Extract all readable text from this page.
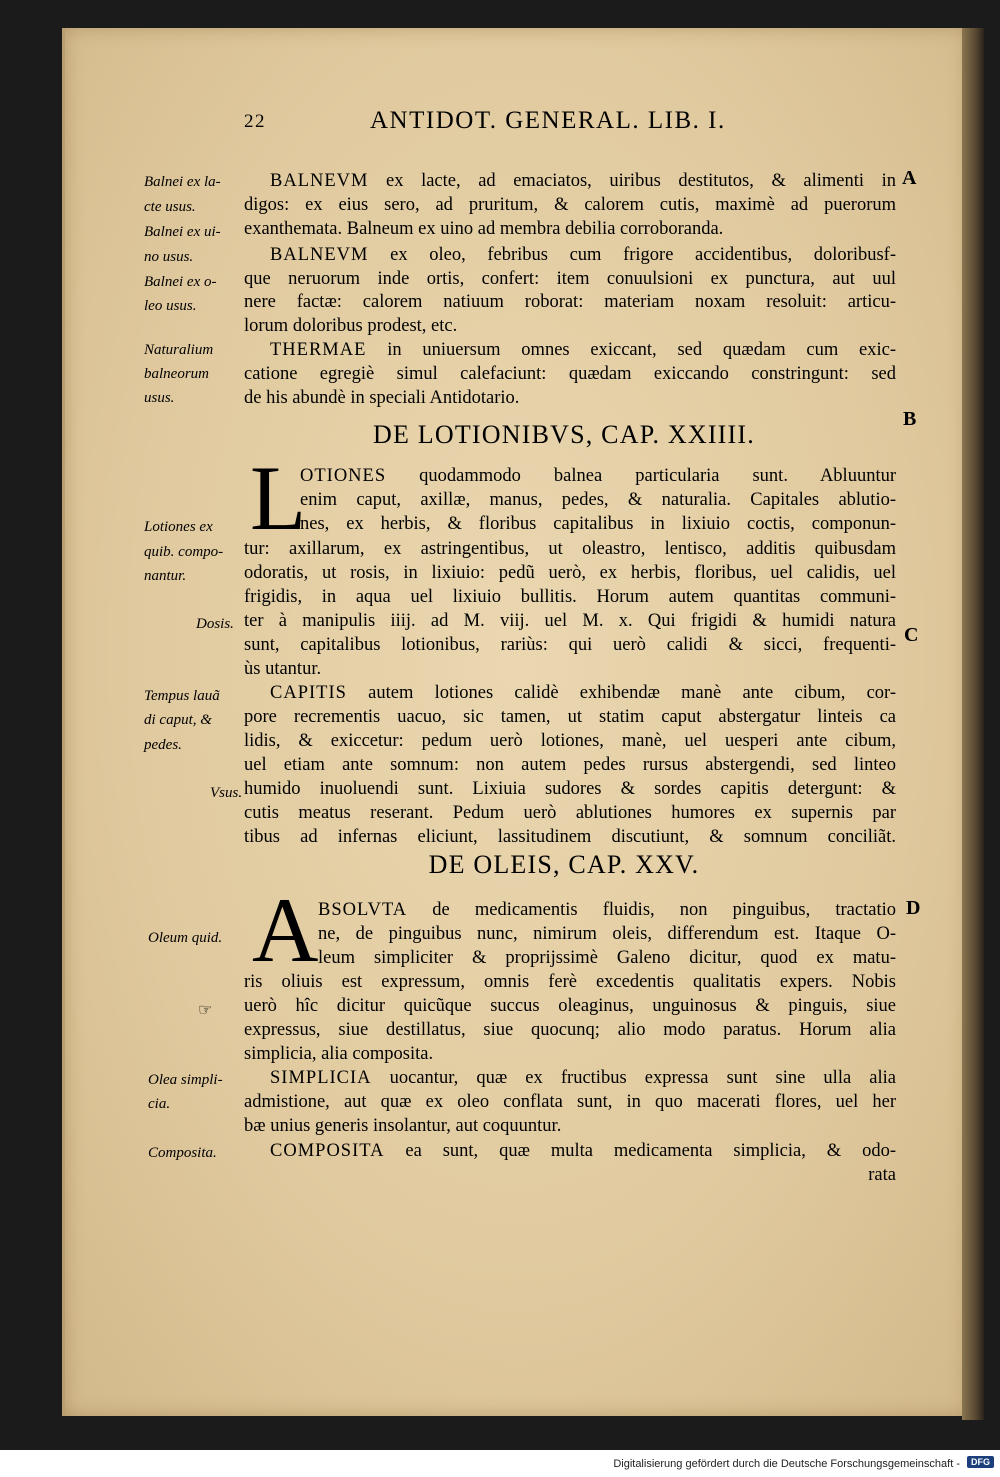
22	ANTIDOT. GENERAL. LIB. I.
A
B
C
D
Balnei ex la-
cte usus.
Balnei ex ui-
no usus.
Balnei ex o-
leo usus.
Naturalium
balneorum
usus.
Lotiones ex
quib. compo-
nantur.
Dosis.
Tempus lauã
di caput, &
pedes.
Vsus.
Oleum quid.
☞
Olea simpli-
cia.
Composita.
BALNEVM ex lacte, ad emaciatos, uiribus destitutos, & alimenti in
digos: ex eius sero, ad pruritum, & calorem cutis, maximè ad puerorum
exanthemata. Balneum ex uino ad membra debilia corroboranda.
BALNEVM ex oleo, febribus cum frigore accidentibus, doloribusf-
que neruorum inde ortis, confert: item conuulsioni ex punctura, aut uul
nere factæ: calorem natiuum roborat: materiam noxam resoluit: articu-
lorum doloribus prodest, etc.
THERMAE in uniuersum omnes exiccant, sed quædam cum exic-
catione egregiè simul calefaciunt: quædam exiccando constringunt: sed
de his abundè in speciali Antidotario.
DE LOTIONIBVS, CAP. XXIIII.
L
OTIONES quodammodo balnea particularia sunt. Abluuntur
enim caput, axillæ, manus, pedes, & naturalia. Capitales ablutio-
nes, ex herbis, & floribus capitalibus in lixiuio coctis, componun-
tur: axillarum, ex astringentibus, ut oleastro, lentisco, additis quibusdam
odoratis, ut rosis, in lixiuio: pedũ uerò, ex herbis, floribus, uel calidis, uel
frigidis, in aqua uel lixiuio bullitis. Horum autem quantitas communi-
ter à manipulis iiij. ad M. viij. uel M. x. Qui frigidi & humidi natura
sunt, capitalibus lotionibus, rariùs: qui uerò calidi & sicci, frequenti-
ùs utantur.
CAPITIS autem lotiones calidè exhibendæ manè ante cibum, cor-
pore recrementis uacuo, sic tamen, ut statim caput abstergatur linteis ca
lidis, & exiccetur: pedum uerò lotiones, manè, uel uesperi ante cibum,
uel etiam ante somnum: non autem pedes rursus abstergendi, sed linteo
humido inuoluendi sunt. Lixiuia sudores & sordes capitis detergunt: &
cutis meatus reserant. Pedum uerò ablutiones humores ex supernis par
tibus ad infernas eliciunt, lassitudinem discutiunt, & somnum conciliãt.
DE OLEIS, CAP. XXV.
A BSOLVTA de medicamentis fluidis, non pinguibus, tractatio
ne, de pinguibus nunc, nimirum oleis, differendum est. Itaque O-
leum simpliciter & proprijssimè Galeno dicitur, quod ex matu-
ris oliuis est expressum, omnis ferè excedentis qualitatis expers. Nobis
uerò hîc dicitur quicũque succus oleaginus, unguinosus & pinguis, siue
expressus, siue destillatus, siue quocunq; alio modo paratus. Horum alia
simplicia, alia composita.
SIMPLICIA uocantur, quæ ex fructibus expressa sunt sine ulla alia
admistione, aut quæ ex oleo conflata sunt, in quo macerati flores, uel her
bæ unius generis insolantur, aut coquuntur.
COMPOSITA ea sunt, quæ multa medicamenta simplicia, & odo-
rata
Digitalisierung gefördert durch die Deutsche Forschungsgemeinschaft -	DFG
